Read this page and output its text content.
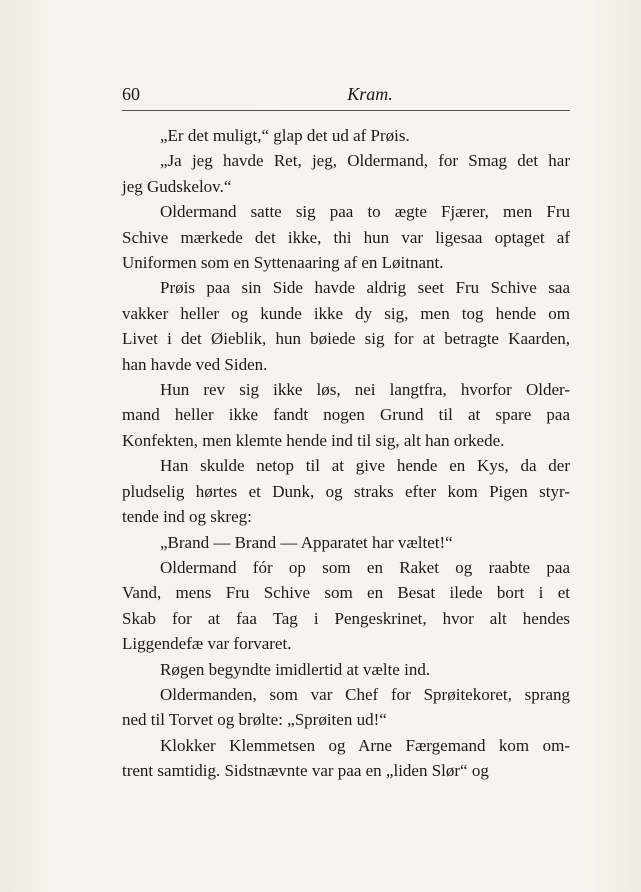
60	Kram.

„Er det muligt,“ glap det ud af Prøis.

„Ja jeg havde Ret, jeg, Oldermand, for Smag det har
jeg Gudskelov.“

Oldermand satte sig paa to ægte Fjærer, men Fru
Schive mærkede det ikke, thi hun var ligesaa optaget af
Uniformen som en Syttenaaring af en Løitnant.

Prøis paa sin Side havde aldrig seet Fru Schive saa
vakker heller og kunde ikke dy sig, men tog hende om
Livet i det Øieblik, hun bøiede sig for at betragte Kaarden,
han havde ved Siden.

Hun rev sig ikke løs, nei langtfra, hvorfor Older-
mand heller ikke fandt nogen Grund til at spare paa
Konfekten, men klemte hende ind til sig, alt han orkede.

Han skulde netop til at give hende en Kys, da der
pludselig hørtes et Dunk, og straks efter kom Pigen styr-
tende ind og skreg:

„Brand — Brand — Apparatet har væltet!“

Oldermand fór op som en Raket og raabte paa
Vand, mens Fru Schive som en Besat ilede bort i et
Skab for at faa Tag i Pengeskrinet, hvor alt hendes
Liggendefæ var forvaret.

Røgen begyndte imidlertid at vælte ind.

Oldermanden, som var Chef for Sprøitekoret, sprang
ned til Torvet og brølte: „Sprøiten ud!“

Klokker Klemmetsen og Arne Færgemand kom om-
trent samtidig. Sidstnævnte var paa en „liden Slør“ og
